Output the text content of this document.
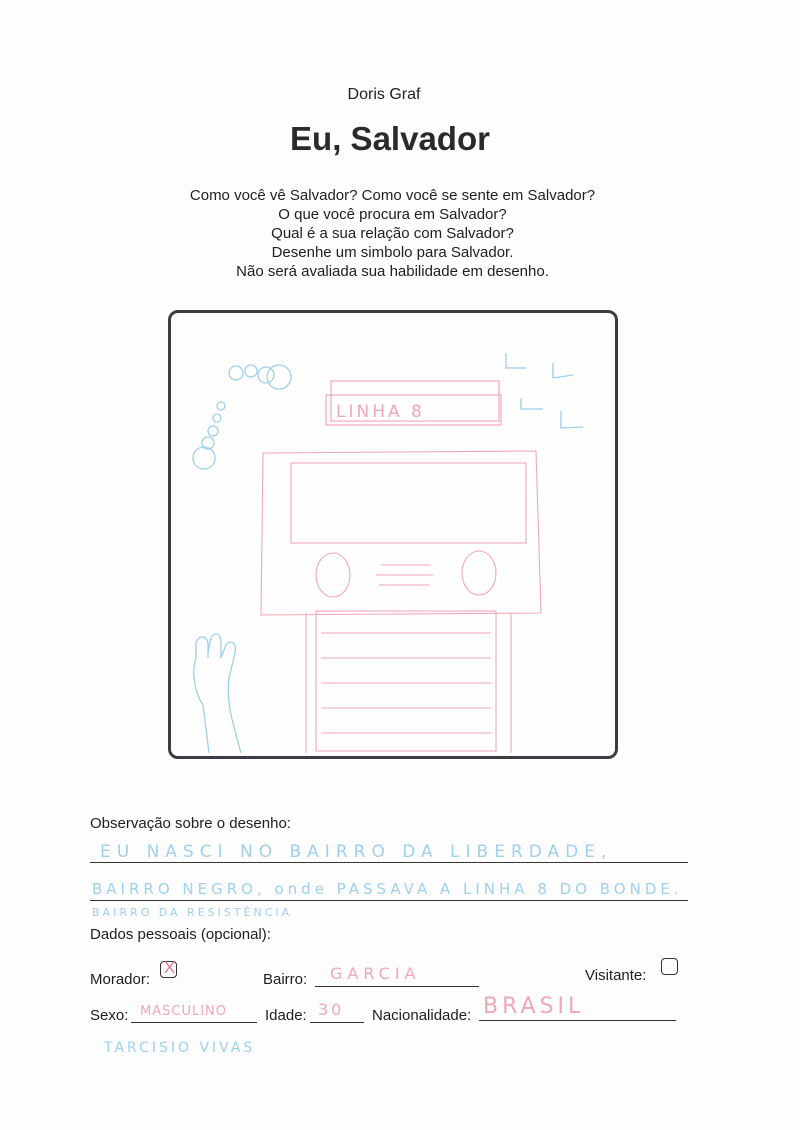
Doris Graf
Eu, Salvador
Como você vê Salvador? Como você se sente em Salvador?
O que você procura em Salvador?
Qual é a sua relação com Salvador?
Desenhe um simbolo para Salvador.
Não será avaliada sua habilidade em desenho.
LINHA 8
Observação sobre o desenho:
EU NASCI NO BAIRRO DA LIBERDADE,
BAIRRO NEGRO, onde PASSAVA A LINHA 8 DO BONDE.
BAIRRO DA RESISTÊNCIA
Dados pessoais (opcional):
Morador:
X
Bairro: GARCIA	Visitante:
Sexo: MASCULINO	Idade: 30 Nacionalidade: BRASIL
TARCISIO VIVAS
